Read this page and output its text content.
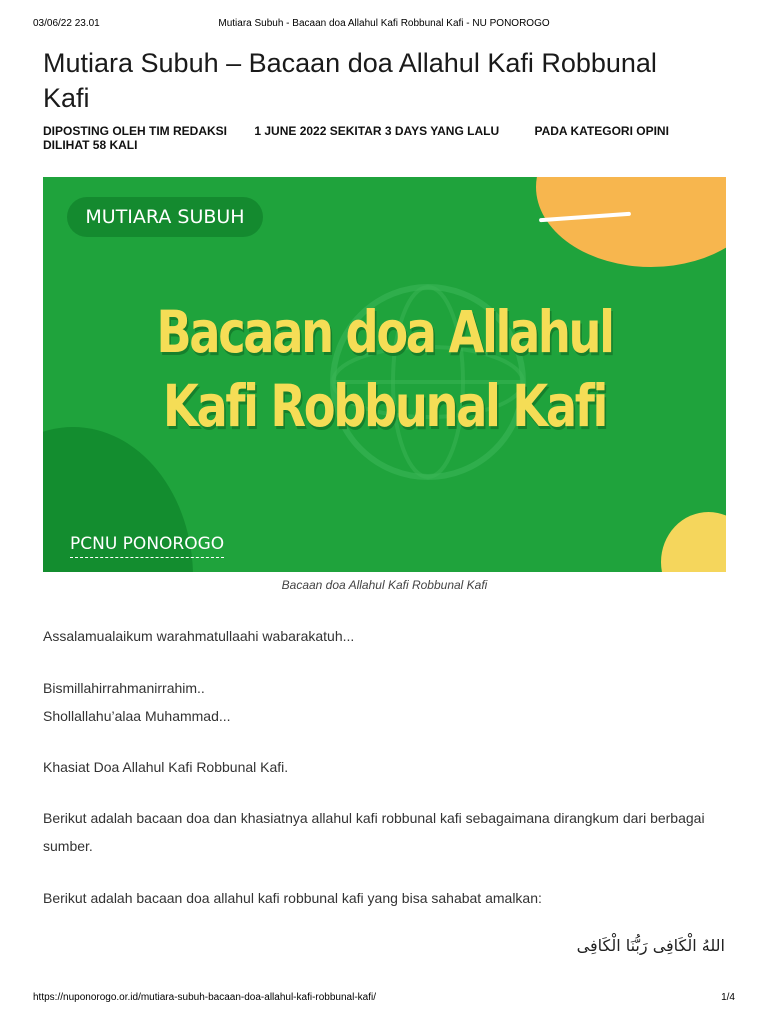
03/06/22 23.01	Mutiara Subuh - Bacaan doa Allahul Kafi Robbunal Kafi - NU PONOROGO
Mutiara Subuh – Bacaan doa Allahul Kafi Robbunal Kafi
DIPOSTING OLEH TIM REDAKSI 1 JUNE 2022 SEKITAR 3 DAYS YANG LALU	PADA KATEGORI OPINI DILIHAT 58 KALI
MUTIARA SUBUH
Bacaan doa Allahul
Kafi Robbunal Kafi
PCNU PONOROGO
Bacaan doa Allahul Kafi Robbunal Kafi

Assalamualaikum warahmatullaahi wabarakatuh...

Bismillahirrahmanirrahim..
Shollallahu’alaa Muhammad...

Khasiat Doa Allahul Kafi Robbunal Kafi.

Berikut adalah bacaan doa dan khasiatnya allahul kafi robbunal kafi sebagaimana dirangkum dari berbagai sumber.

Berikut adalah bacaan doa allahul kafi robbunal kafi yang bisa sahabat amalkan:

اللهُ الْكَافِى رَبُّنَا الْكَافِى
https://nuponorogo.or.id/mutiara-subuh-bacaan-doa-allahul-kafi-robbunal-kafi/	1/4
